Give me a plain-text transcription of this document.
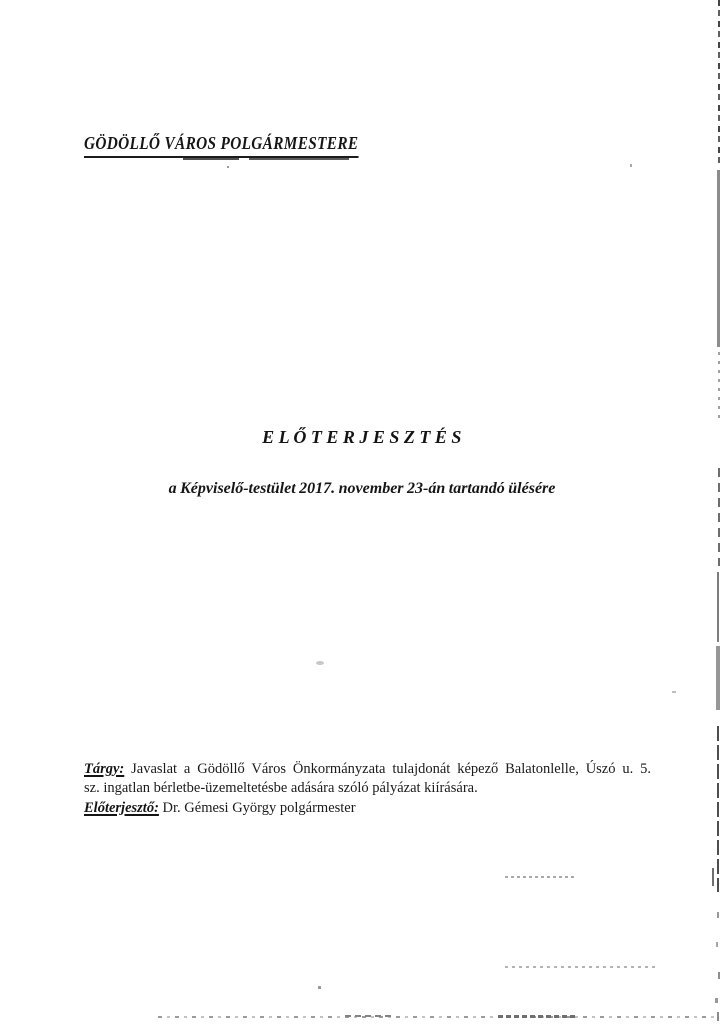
GÖDÖLLŐ VÁROS POLGÁRMESTERE
E L Ő T E R J E S Z T É S
a Képviselő-testület 2017. november 23-án tartandó ülésére
Tárgy: Javaslat a Gödöllő Város Önkormányzata tulajdonát képező Balatonlelle, Úszó u. 5.
sz. ingatlan bérletbe-üzemeltetésbe adására szóló pályázat kiírására.
Előterjesztő: Dr. Gémesi György polgármester
